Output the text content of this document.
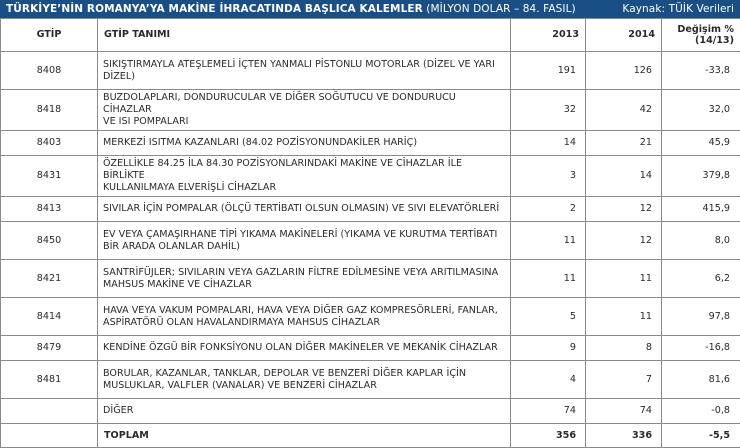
TÜRKİYE’NİN ROMANYA’YA MAKİNE İHRACATINDA BAŞLICA KALEMLER (MİLYON DOLAR – 84. FASIL)	Kaynak: TÜİK Verileri
GTİP	GTİP TANIMI	2013	2014	Değişim %
(14/13)

8408	SIKIŞTIRMAYLA ATEŞLEMELİ İÇTEN YANMALI PİSTONLU MOTORLAR (DİZEL VE YARI
DİZEL)	191	126	-33,8
8418	BUZDOLAPLARI, DONDURUCULAR VE DİĞER SOĞUTUCU VE DONDURUCU CİHAZLAR
VE ISI POMPALARI	32	42	32,0
8403	MERKEZİ ISITMA KAZANLARI (84.02 POZİSYONUNDAKİLER HARİÇ)	14	21	45,9
8431	ÖZELLİKLE 84.25 İLA 84.30 POZİSYONLARINDAKİ MAKİNE VE CİHAZLAR İLE BİRLİKTE
KULLANILMAYA ELVERİŞLİ CİHAZLAR	3	14	379,8
8413	SIVILAR İÇİN POMPALAR (ÖLÇÜ TERTİBATI OLSUN OLMASIN) VE SIVI ELEVATÖRLERİ	2	12	415,9
8450	EV VEYA ÇAMAŞIRHANE TİPİ YIKAMA MAKİNELERİ (YIKAMA VE KURUTMA TERTİBATI
BİR ARADA OLANLAR DAHİL)	11	12	8,0
8421	SANTRİFÜJLER; SIVILARIN VEYA GAZLARIN FİLTRE EDİLMESİNE VEYA ARITILMASINA
MAHSUS MAKİNE VE CİHAZLAR	11	11	6,2
8414	HAVA VEYA VAKUM POMPALARI, HAVA VEYA DİĞER GAZ KOMPRESÖRLERİ, FANLAR,
ASPİRATÖRÜ OLAN HAVALANDIRMAYA MAHSUS CİHAZLAR	5	11	97,8
8479	KENDİNE ÖZGÜ BİR FONKSİYONU OLAN DİĞER MAKİNELER VE MEKANİK CİHAZLAR	9	8	-16,8
8481	BORULAR, KAZANLAR, TANKLAR, DEPOLAR VE BENZERİ DİĞER KAPLAR İÇİN
MUSLUKLAR, VALFLER (VANALAR) VE BENZERİ CİHAZLAR	4	7	81,6

	DİĞER	74	74	-0,8
	TOPLAM	356	336	-5,5
